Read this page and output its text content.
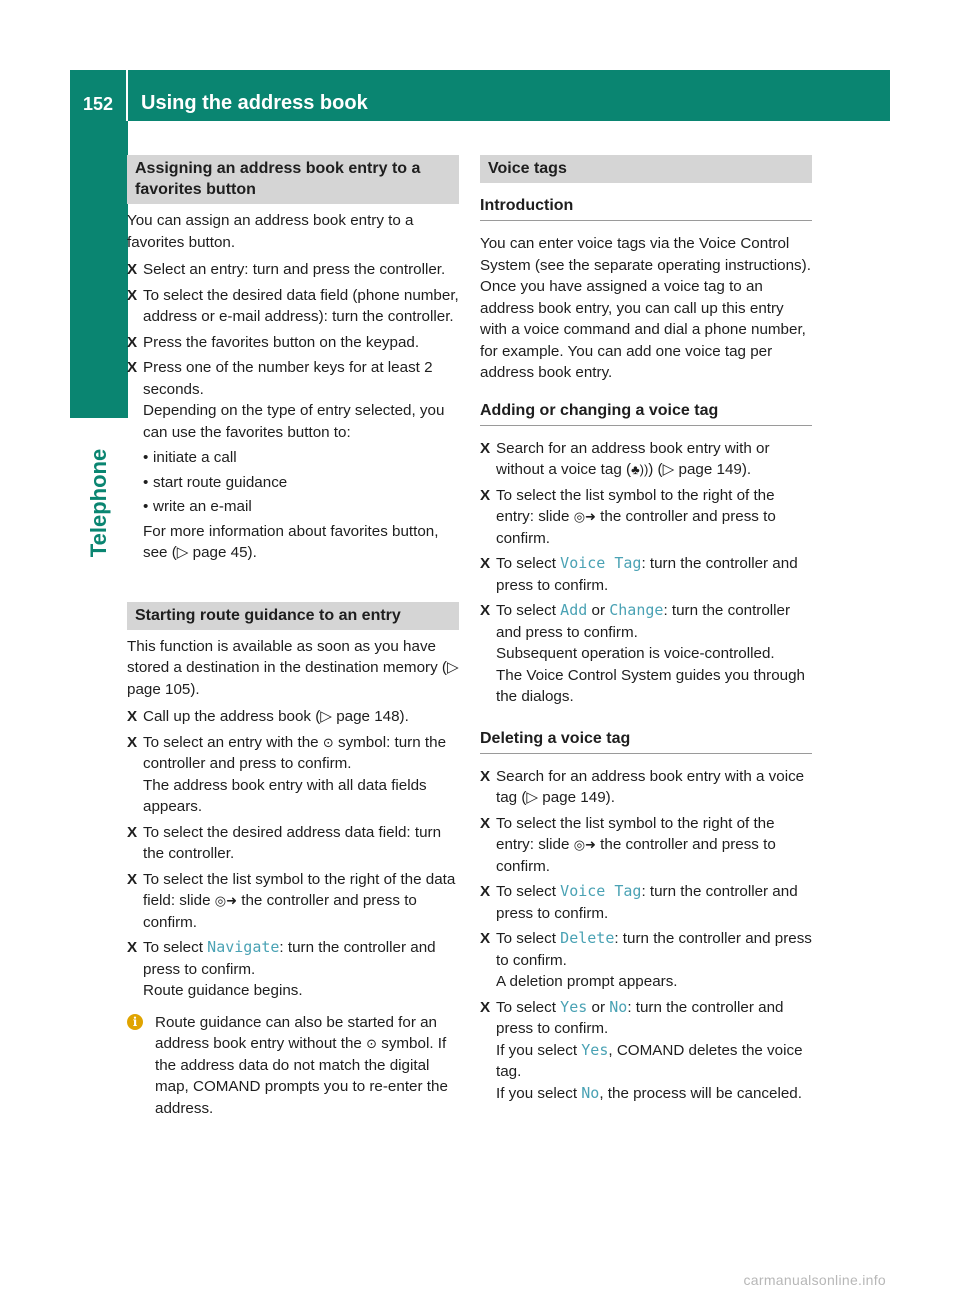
152	Using the address book
Telephone
Assigning an address book entry to a favorites button

You can assign an address book entry to a favorites button.

X Select an entry: turn and press the controller.
X To select the desired data field (phone number, address or e-mail address): turn the controller.
X Press the favorites button on the keypad.
X Press one of the number keys for at least 2 seconds.
Depending on the type of entry selected, you can use the favorites button to:
• initiate a call
• start route guidance
• write an e-mail
For more information about favorites button, see (▷ page 45).
Starting route guidance to an entry

This function is available as soon as you have stored a destination in the destination memory (▷ page 105).

X Call up the address book (▷ page 148).
X To select an entry with the ⊙ symbol: turn the controller and press to confirm.
The address book entry with all data fields appears.
X To select the desired address data field: turn the controller.
X To select the list symbol to the right of the data field: slide ◎➜ the controller and press to confirm.
X To select Navigate: turn the controller and press to confirm.
Route guidance begins.
i	Route guidance can also be started for an address book entry without the ⊙ symbol. If the address data do not match the digital map, COMAND prompts you to re-enter the address.
Voice tags
Introduction

You can enter voice tags via the Voice Control System (see the separate operating instructions). Once you have assigned a voice tag to an address book entry, you can call up this entry with a voice command and dial a phone number, for example. You can add one voice tag per address book entry.

Adding or changing a voice tag
X Search for an address book entry with or without a voice tag (♣))) (▷ page 149).
X To select the list symbol to the right of the entry: slide ◎➜ the controller and press to confirm.
X To select Voice Tag: turn the controller and press to confirm.
X To select Add or Change: turn the controller and press to confirm.
Subsequent operation is voice-controlled.
The Voice Control System guides you through the dialogs.
Deleting a voice tag
X Search for an address book entry with a voice tag (▷ page 149).
X To select the list symbol to the right of the entry: slide ◎➜ the controller and press to confirm.
X To select Voice Tag: turn the controller and press to confirm.
X To select Delete: turn the controller and press to confirm.
A deletion prompt appears.
X To select Yes or No: turn the controller and press to confirm.
If you select Yes, COMAND deletes the voice tag.
If you select No, the process will be canceled.
carmanualsonline.info
